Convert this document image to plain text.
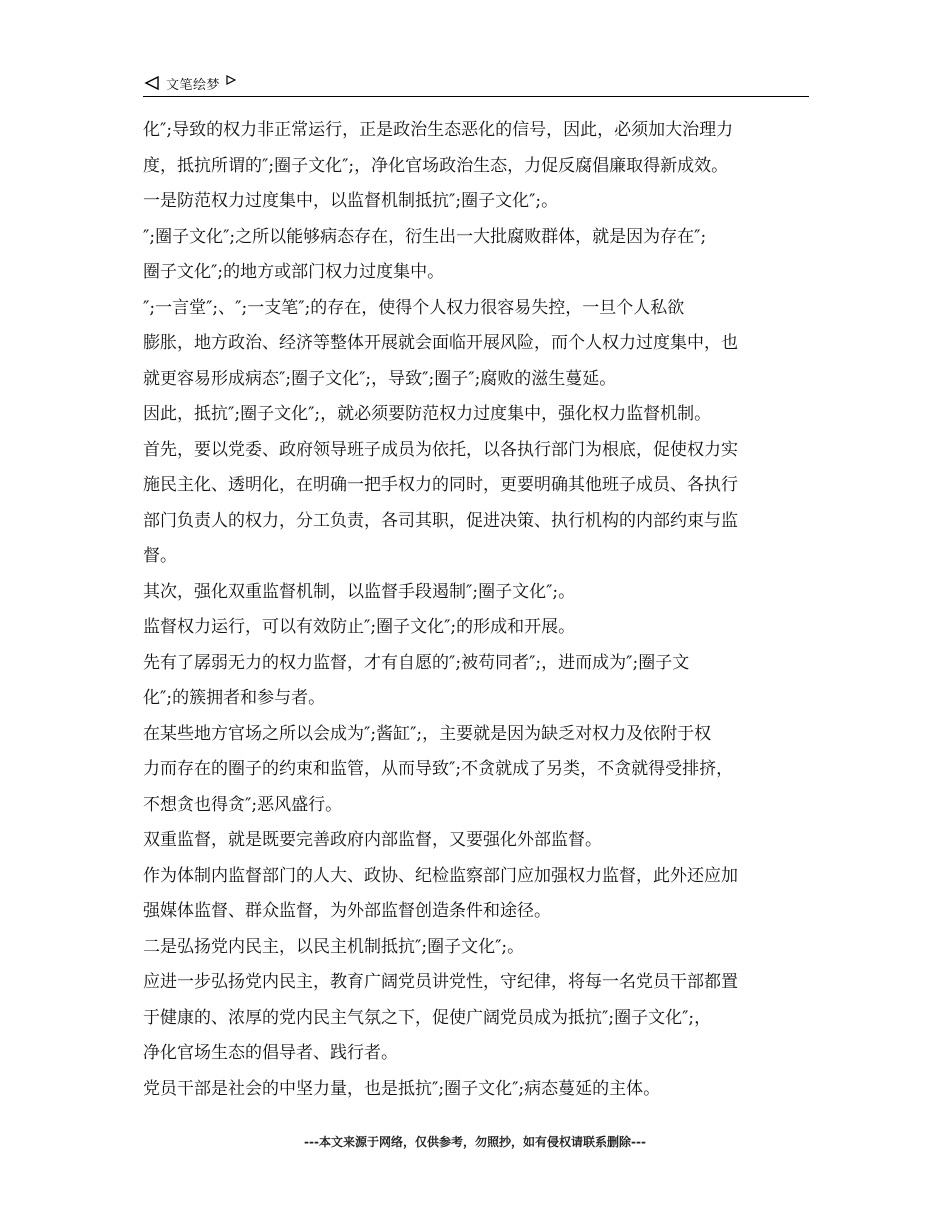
文笔绘梦
化″;导致的权力非正常运行，正是政治生态恶化的信号，因此，必须加大治理力
度，抵抗所谓的″;圈子文化″;，净化官场政治生态，力促反腐倡廉取得新成效。
一是防范权力过度集中，以监督机制抵抗″;圈子文化″;。
″;圈子文化″;之所以能够病态存在，衍生出一大批腐败群体，就是因为存在″;
圈子文化″;的地方或部门权力过度集中。
″;一言堂″;、″;一支笔″;的存在，使得个人权力很容易失控，一旦个人私欲
膨胀，地方政治、经济等整体开展就会面临开展风险，而个人权力过度集中，也
就更容易形成病态″;圈子文化″;，导致″;圈子″;腐败的滋生蔓延。
因此，抵抗″;圈子文化″;，就必须要防范权力过度集中，强化权力监督机制。
首先，要以党委、政府领导班子成员为依托，以各执行部门为根底，促使权力实
施民主化、透明化，在明确一把手权力的同时，更要明确其他班子成员、各执行
部门负责人的权力，分工负责，各司其职，促进决策、执行机构的内部约束与监
督。
其次，强化双重监督机制，以监督手段遏制″;圈子文化″;。
监督权力运行，可以有效防止″;圈子文化″;的形成和开展。
先有了孱弱无力的权力监督，才有自愿的″;被苟同者″;，进而成为″;圈子文
化″;的簇拥者和参与者。
在某些地方官场之所以会成为″;酱缸″;，主要就是因为缺乏对权力及依附于权
力而存在的圈子的约束和监管，从而导致″;不贪就成了另类，不贪就得受排挤，
不想贪也得贪″;恶风盛行。
双重监督，就是既要完善政府内部监督，又要强化外部监督。
作为体制内监督部门的人大、政协、纪检监察部门应加强权力监督，此外还应加
强媒体监督、群众监督，为外部监督创造条件和途径。
二是弘扬党内民主，以民主机制抵抗″;圈子文化″;。
应进一步弘扬党内民主，教育广阔党员讲党性，守纪律，将每一名党员干部都置
于健康的、浓厚的党内民主气氛之下，促使广阔党员成为抵抗″;圈子文化″;，
净化官场生态的倡导者、践行者。
党员干部是社会的中坚力量，也是抵抗″;圈子文化″;病态蔓延的主体。
---本文来源于网络，仅供参考，勿照抄，如有侵权请联系删除---
